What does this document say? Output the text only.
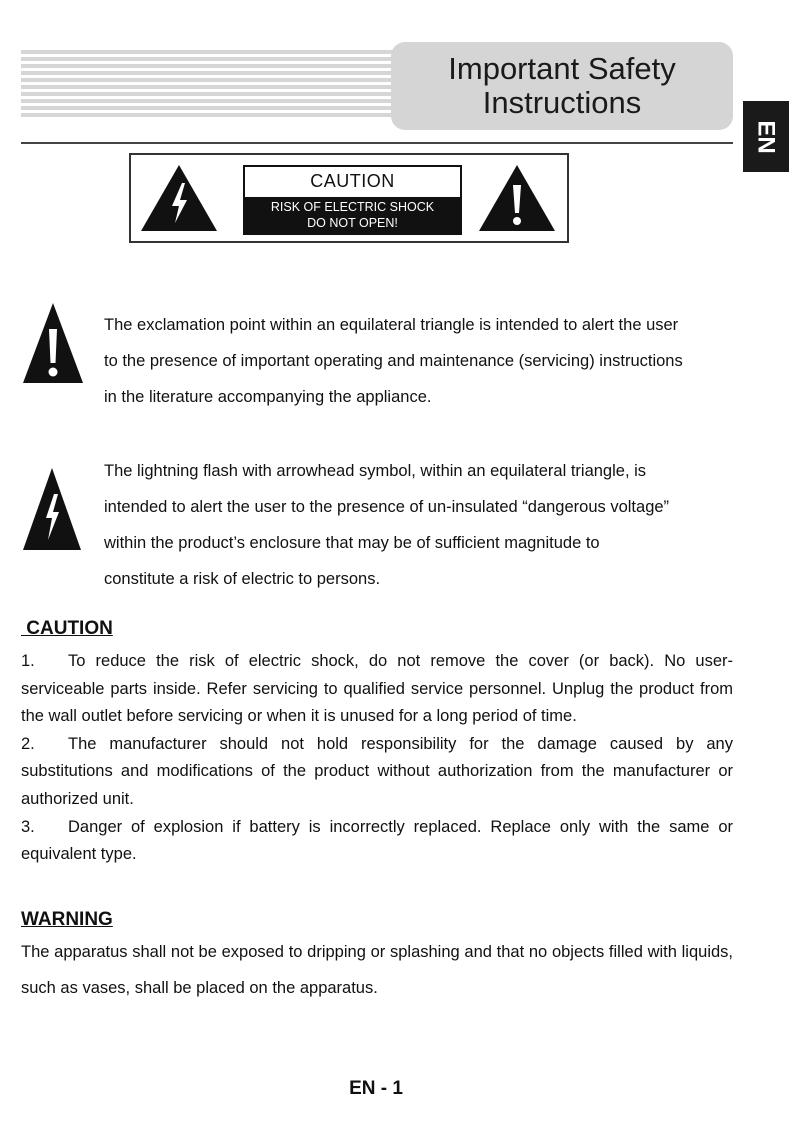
Important Safety
Instructions
EN
CAUTION
RISK OF ELECTRIC SHOCK
DO NOT OPEN!

The exclamation point within an equilateral triangle is intended to alert the user

to the presence of important operating and maintenance (servicing) instructions

in the literature accompanying the appliance.

The lightning flash with arrowhead symbol, within an equilateral triangle, is

intended to alert the user to the presence of un-insulated “dangerous voltage”

within the product’s enclosure that may be of sufficient magnitude to

constitute a risk of electric to persons.

CAUTION

1. To reduce the risk of electric shock, do not remove the cover (or back). No user-serviceable parts inside. Refer servicing to qualified service personnel. Unplug the product from the wall outlet before servicing or when it is unused for a long period of time.

2. The manufacturer should not hold responsibility for the damage caused by any substitutions and modifications of the product without authorization from the manufacturer or authorized unit.

3. Danger of explosion if battery is incorrectly replaced. Replace only with the same or equivalent type.

WARNING

The apparatus shall not be exposed to dripping or splashing and that no objects filled with liquids, such as vases, shall be placed on the apparatus.

EN - 1
